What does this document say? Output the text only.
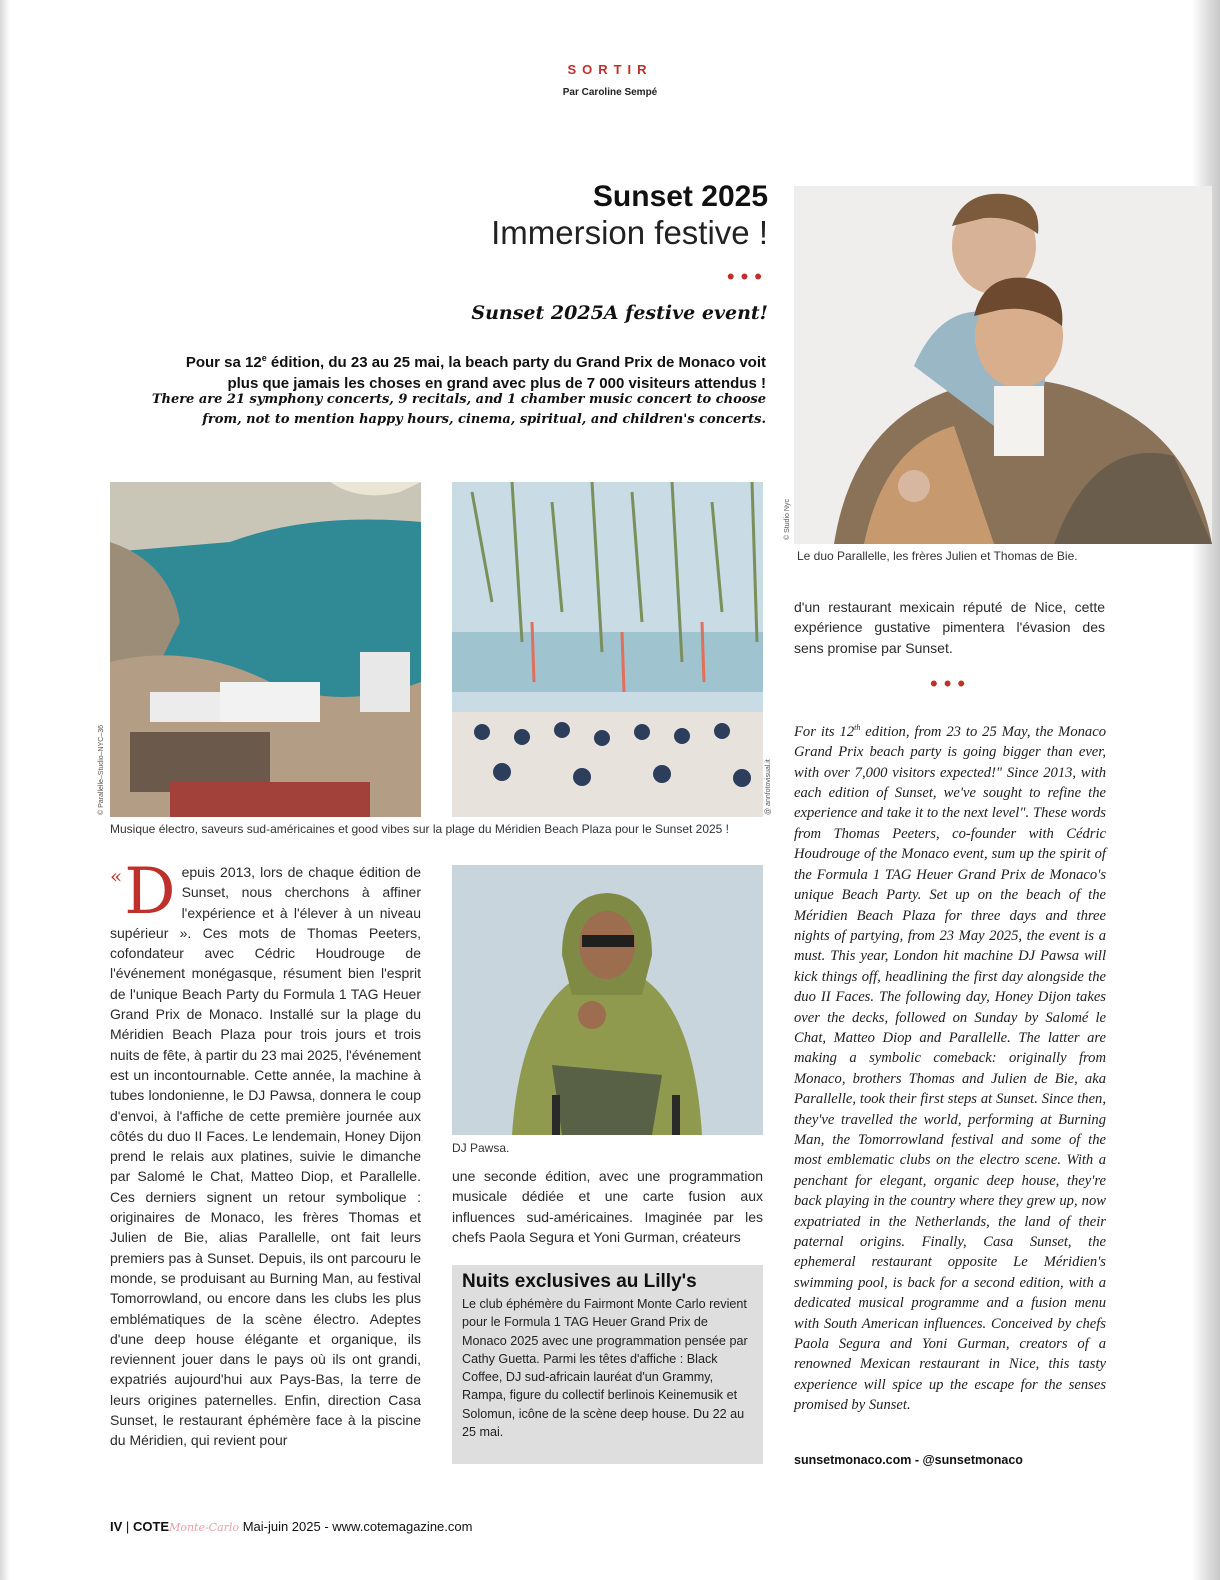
SORTIR
Par Caroline Sempé
Sunset 2025
Immersion festive !
•••
Sunset 2025A festive event!
Pour sa 12e édition, du 23 au 25 mai, la beach party du Grand Prix de Monaco voit
plus que jamais les choses en grand avec plus de 7 000 visiteurs attendus !
There are 21 symphony concerts, 9 recitals, and 1 chamber music concert to choose from, not to mention happy hours, cinema, spiritual, and children's concerts.
© Studio Nyc
Le duo Parallelle, les frères Julien et Thomas de Bie.
© Parallelle–Studio–NYC–36	@ annfotovisual.it
Musique électro, saveurs sud-américaines et good vibes sur la plage du Méridien Beach Plaza pour le Sunset 2025 !
DJ Pawsa.
«D epuis 2013, lors de chaque édition de Sunset, nous cherchons à affiner l'expérience et à l'élever à un niveau supérieur ». Ces mots de Thomas Peeters, cofondateur avec Cédric Houdrouge de l'événement monégasque, résument bien l'esprit de l'unique Beach Party du Formula 1 TAG Heuer Grand Prix de Monaco. Installé sur la plage du Méridien Beach Plaza pour trois jours et trois nuits de fête, à partir du 23 mai 2025, l'événement est un incontournable. Cette année, la machine à tubes londonienne, le DJ Pawsa, donnera le coup d'envoi, à l'affiche de cette première journée aux côtés du duo II Faces. Le lendemain, Honey Dijon prend le relais aux platines, suivie le dimanche par Salomé le Chat, Matteo Diop, et Parallelle. Ces derniers signent un retour symbolique : originaires de Monaco, les frères Thomas et Julien de Bie, alias Parallelle, ont fait leurs premiers pas à Sunset. Depuis, ils ont parcouru le monde, se produisant au Burning Man, au festival Tomorrowland, ou encore dans les clubs les plus emblématiques de la scène électro. Adeptes d'une deep house élégante et organique, ils reviennent jouer dans le pays où ils ont grandi, expatriés aujourd'hui aux Pays-Bas, la terre de leurs origines paternelles. Enfin, direction Casa Sunset, le restaurant éphémère face à la piscine du Méridien, qui revient pour
une seconde édition, avec une programmation musicale dédiée et une carte fusion aux influences sud-américaines. Imaginée par les chefs Paola Segura et Yoni Gurman, créateurs
Nuits exclusives au Lilly's
Le club éphémère du Fairmont Monte Carlo revient pour le Formula 1 TAG Heuer Grand Prix de Monaco 2025 avec une programmation pensée par Cathy Guetta. Parmi les têtes d'affiche : Black Coffee, DJ sud-africain lauréat d'un Grammy, Rampa, figure du collectif berlinois Keinemusik et Solomun, icône de la scène deep house. Du 22 au 25 mai.
d'un restaurant mexicain réputé de Nice, cette expérience gustative pimentera l'évasion des sens promise par Sunset.
•••
For its 12th edition, from 23 to 25 May, the Monaco Grand Prix beach party is going bigger than ever, with over 7,000 visitors expected!" Since 2013, with each edition of Sunset, we've sought to refine the experience and take it to the next level". These words from Thomas Peeters, co-founder with Cédric Houdrouge of the Monaco event, sum up the spirit of the Formula 1 TAG Heuer Grand Prix de Monaco's unique Beach Party. Set up on the beach of the Méridien Beach Plaza for three days and three nights of partying, from 23 May 2025, the event is a must. This year, London hit machine DJ Pawsa will kick things off, headlining the first day alongside the duo II Faces. The following day, Honey Dijon takes over the decks, followed on Sunday by Salomé le Chat, Matteo Diop and Parallelle. The latter are making a symbolic comeback: originally from Monaco, brothers Thomas and Julien de Bie, aka Parallelle, took their first steps at Sunset. Since then, they've travelled the world, performing at Burning Man, the Tomorrowland festival and some of the most emblematic clubs on the electro scene. With a penchant for elegant, organic deep house, they're back playing in the country where they grew up, now expatriated in the Netherlands, the land of their paternal origins. Finally, Casa Sunset, the ephemeral restaurant opposite Le Méridien's swimming pool, is back for a second edition, with a dedicated musical programme and a fusion menu with South American influences. Conceived by chefs Paola Segura and Yoni Gurman, creators of a renowned Mexican restaurant in Nice, this tasty experience will spice up the escape for the senses promised by Sunset.
sunsetmonaco.com - @sunsetmonaco
IV | COTEMonte-Carlo Mai-juin 2025 - www.cotemagazine.com
